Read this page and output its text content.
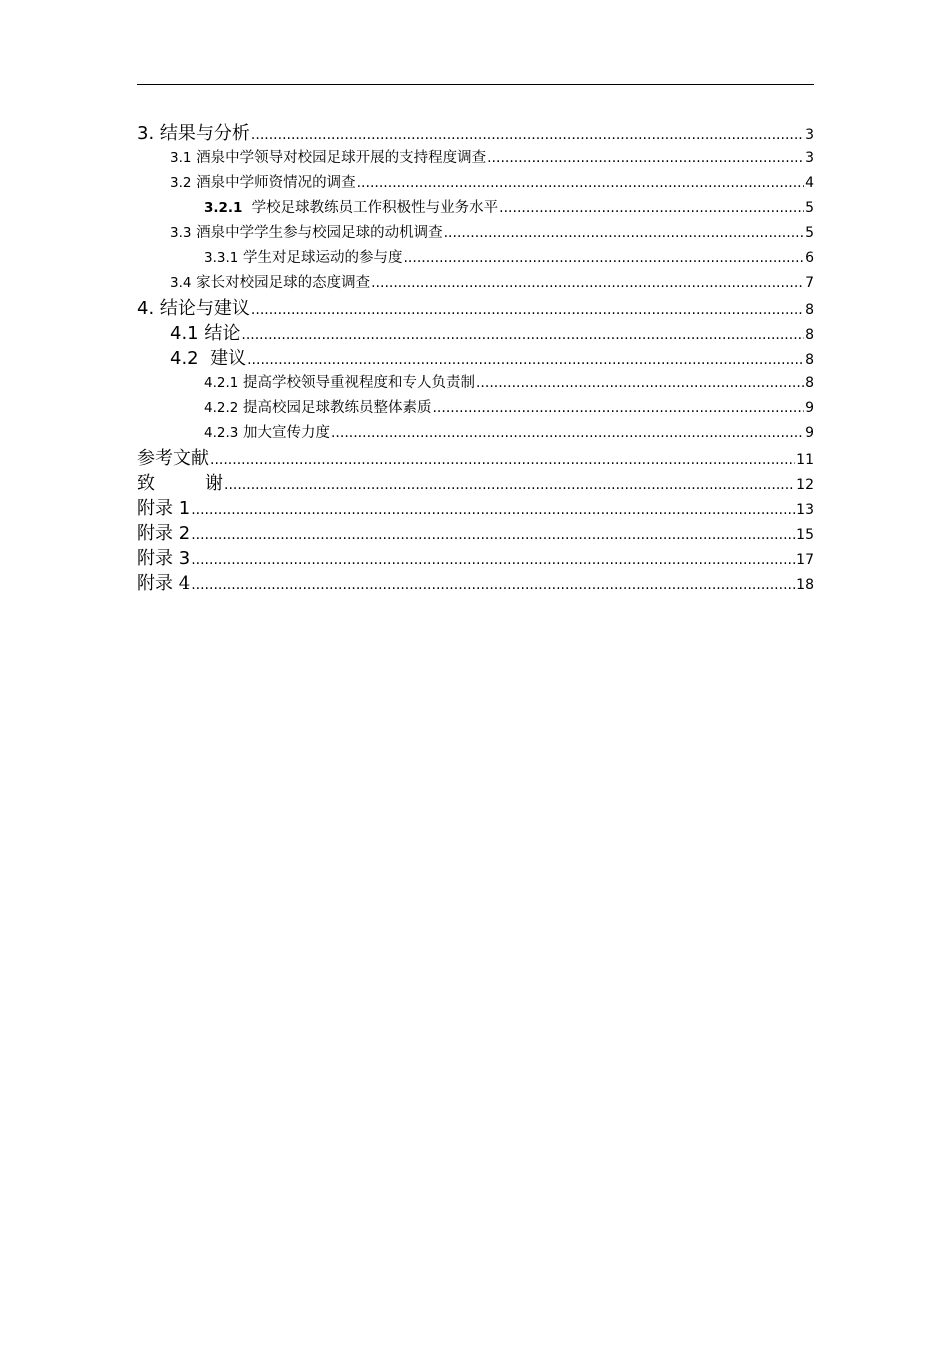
3. 结果与分析 .....	3
3.1 酒泉中学领导对校园足球开展的支持程度调查 .....	3
3.2 酒泉中学师资情况的调查 .....	4
3.2.1 学校足球教练员工作积极性与业务水平 .....	5
3.3 酒泉中学学生参与校园足球的动机调查 .....	5
3.3.1 学生对足球运动的参与度 .....	6
3.4 家长对校园足球的态度调查 .....	7
4. 结论与建议 .....	8
4.1 结论 .....	8
4.2 建议 .....	8
4.2.1 提高学校领导重视程度和专人负责制 .....	8
4.2.2 提高校园足球教练员整体素质 .....	9
4.2.3 加大宣传力度 .....	9
参考文献 .....	11
致	谢 .....	12
附录 1 .....	13
附录 2 .....	15
附录 3 .....	17
附录 4 .....	18
